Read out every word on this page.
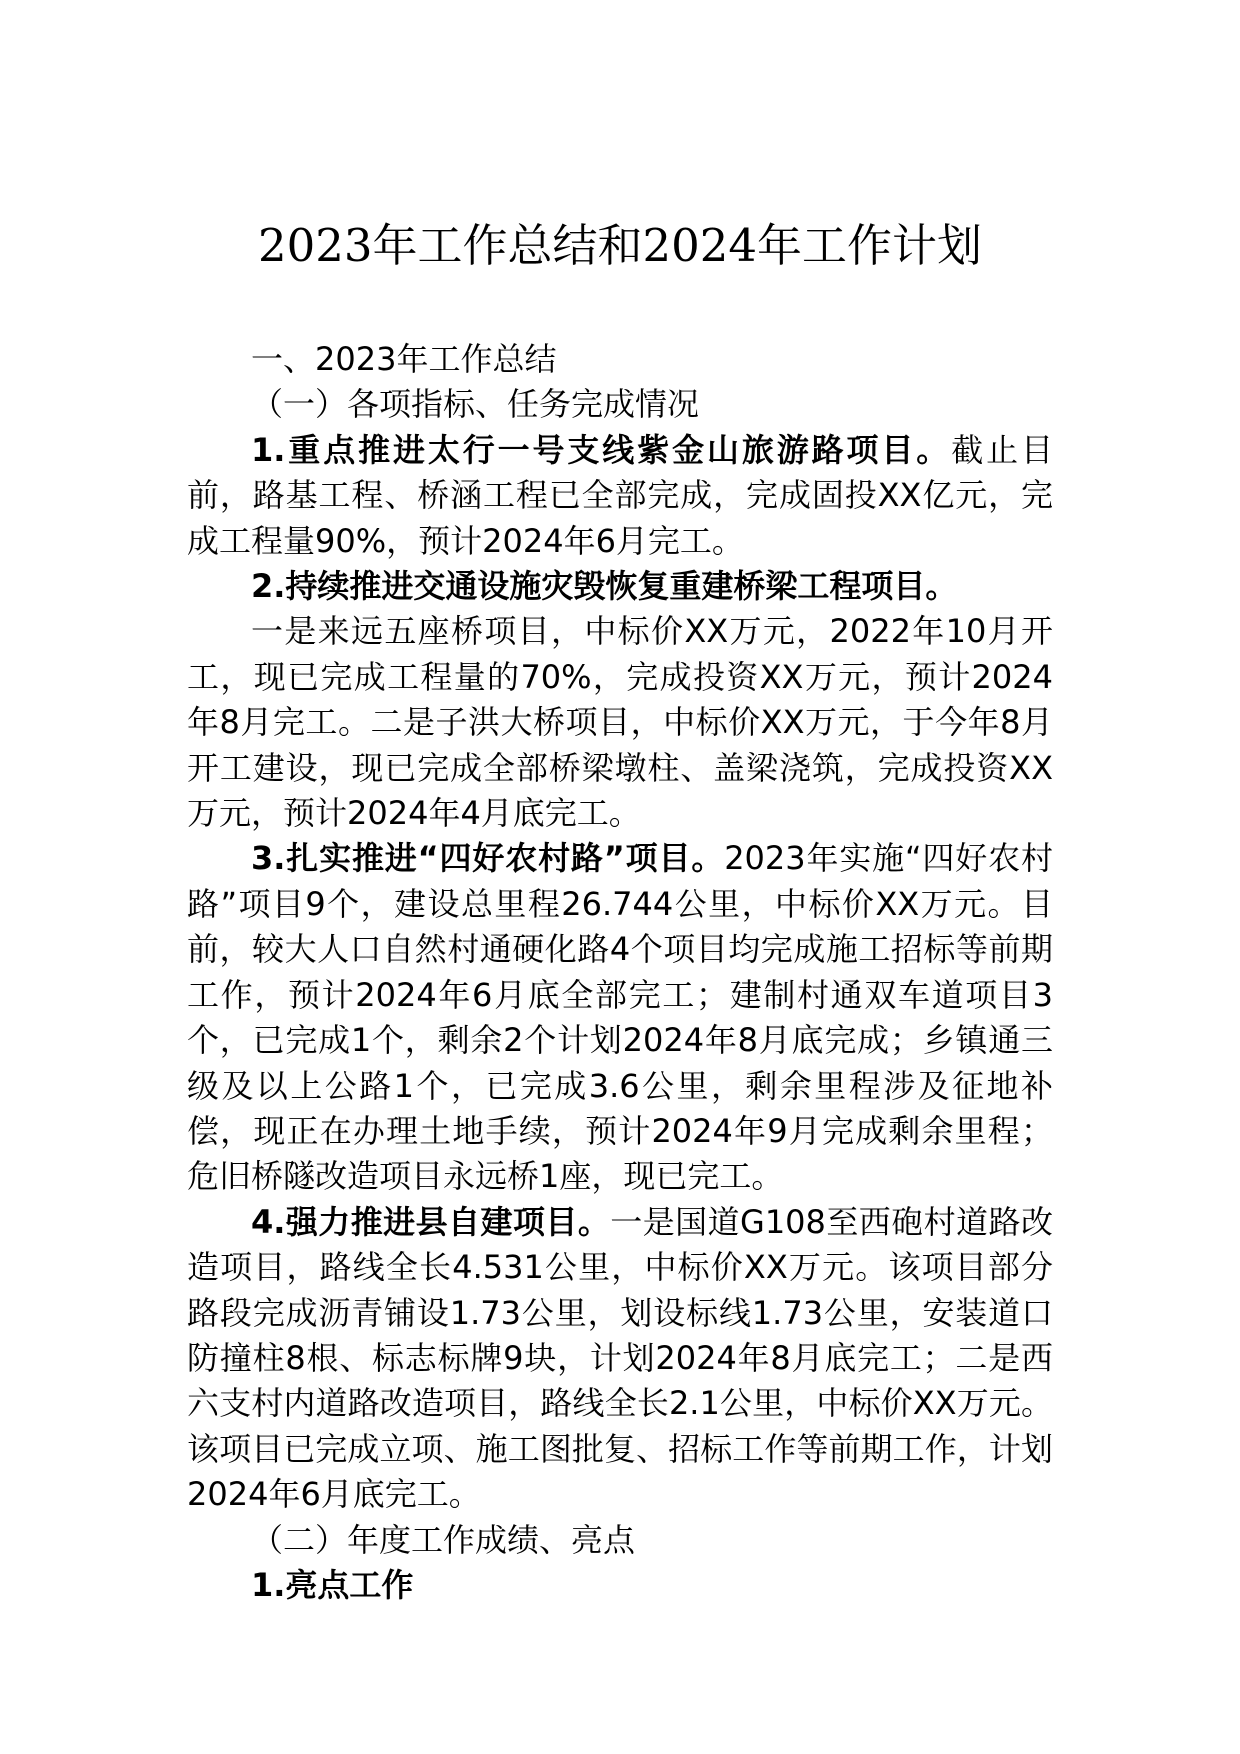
2023年工作总结和2024年工作计划

一、2023年工作总结

（一）各项指标、任务完成情况

1.重点推进太行一号支线紫金山旅游路项目。截止目前，路基工程、桥涵工程已全部完成，完成固投XX亿元，完成工程量90%，预计2024年6月完工。

2.持续推进交通设施灾毁恢复重建桥梁工程项目。

一是来远五座桥项目，中标价XX万元，2022年10月开工，现已完成工程量的70%，完成投资XX万元，预计2024年8月完工。二是子洪大桥项目，中标价XX万元，于今年8月开工建设，现已完成全部桥梁墩柱、盖梁浇筑，完成投资XX万元，预计2024年4月底完工。

3.扎实推进“四好农村路”项目。2023年实施“四好农村路”项目9个，建设总里程26.744公里，中标价XX万元。目前，较大人口自然村通硬化路4个项目均完成施工招标等前期工作，预计2024年6月底全部完工；建制村通双车道项目3个，已完成1个，剩余2个计划2024年8月底完成；乡镇通三级及以上公路1个，已完成3.6公里，剩余里程涉及征地补偿，现正在办理土地手续，预计2024年9月完成剩余里程；危旧桥隧改造项目永远桥1座，现已完工。

4.强力推进县自建项目。一是国道G108至西砲村道路改造项目，路线全长4.531公里，中标价XX万元。该项目部分路段完成沥青铺设1.73公里，划设标线1.73公里，安装道口防撞柱8根、标志标牌9块，计划2024年8月底完工；二是西六支村内道路改造项目，路线全长2.1公里，中标价XX万元。该项目已完成立项、施工图批复、招标工作等前期工作，计划2024年6月底完工。

（二）年度工作成绩、亮点

1.亮点工作
